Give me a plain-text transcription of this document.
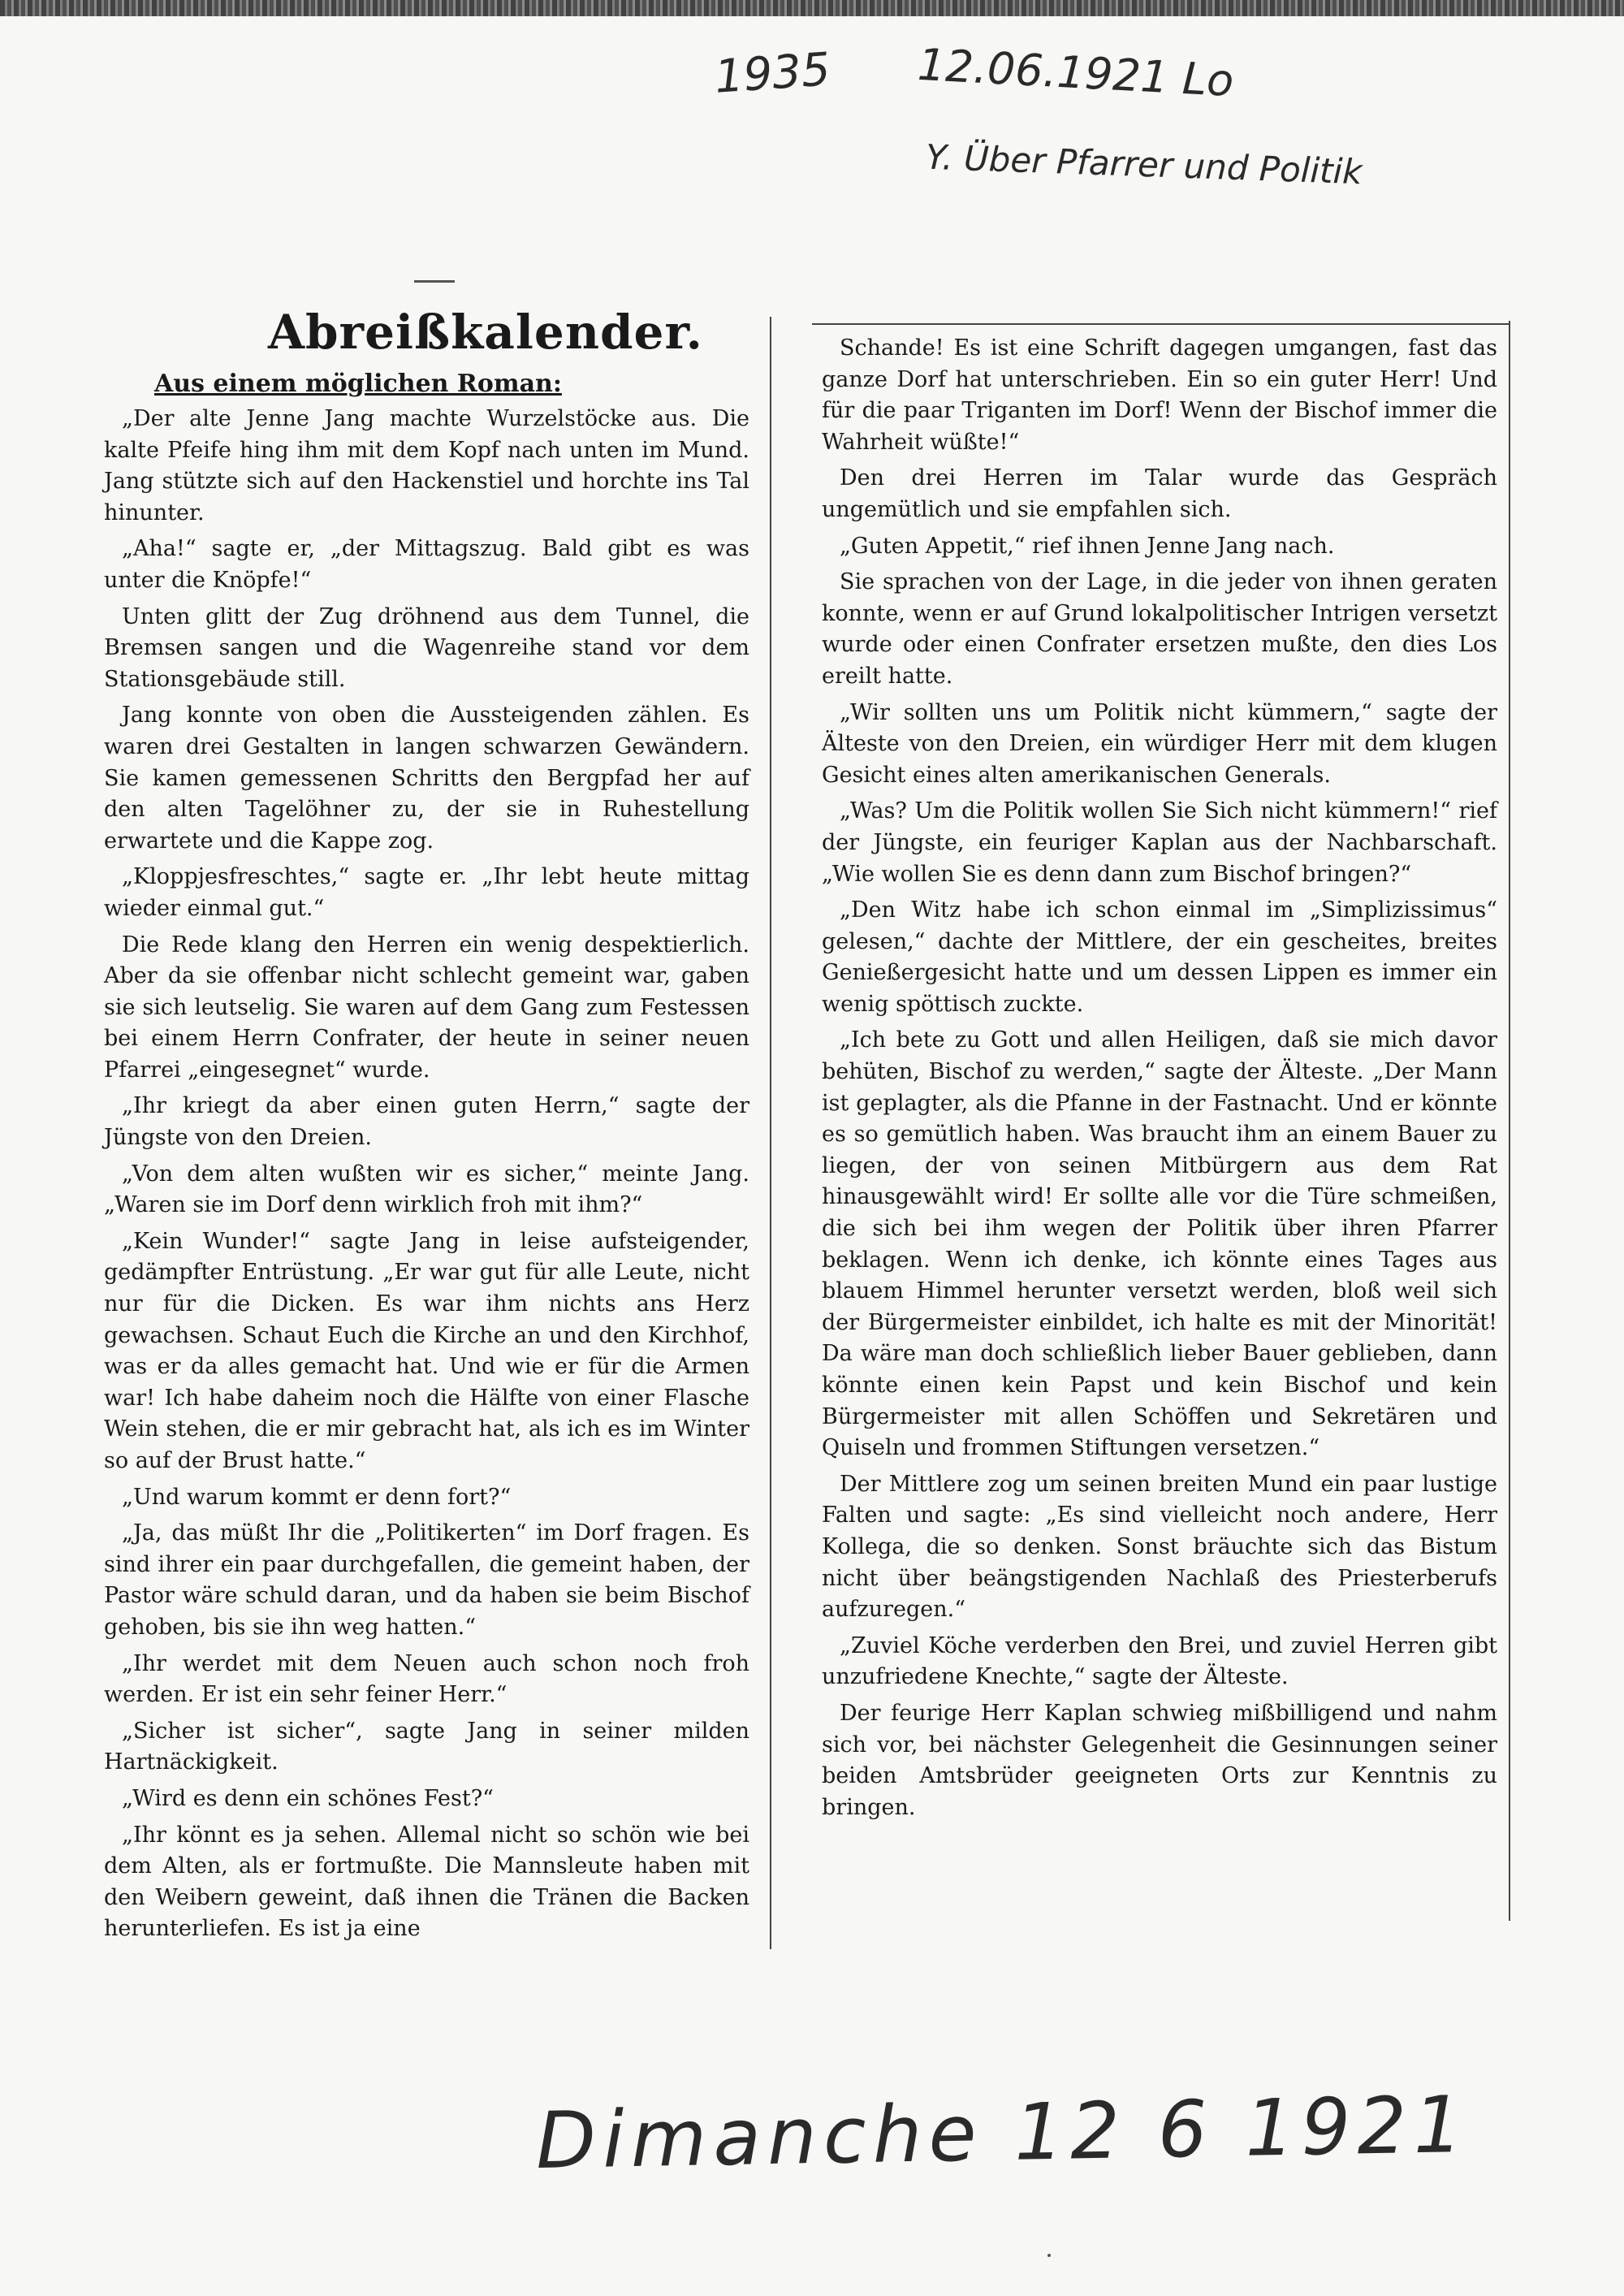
1935 12.06.1921 Lo
Y. Über Pfarrer und Politik
Abreißkalender.
Aus einem möglichen Roman:

„Der alte Jenne Jang machte Wurzelstöcke aus. Die kalte Pfeife hing ihm mit dem Kopf nach unten im Mund. Jang stützte sich auf den Hackenstiel und horchte ins Tal hinunter.

„Aha!“ sagte er, „der Mittagszug. Bald gibt es was unter die Knöpfe!“

Unten glitt der Zug dröhnend aus dem Tunnel, die Bremsen sangen und die Wagenreihe stand vor dem Stationsgebäude still.

Jang konnte von oben die Aussteigenden zählen. Es waren drei Gestalten in langen schwarzen Gewändern. Sie kamen gemessenen Schritts den Bergpfad her auf den alten Tagelöhner zu, der sie in Ruhestellung erwartete und die Kappe zog.

„Kloppjesfreschtes,“ sagte er. „Ihr lebt heute mittag wieder einmal gut.“

Die Rede klang den Herren ein wenig despektierlich. Aber da sie offenbar nicht schlecht gemeint war, gaben sie sich leutselig. Sie waren auf dem Gang zum Festessen bei einem Herrn Confrater, der heute in seiner neuen Pfarrei „eingesegnet“ wurde.

„Ihr kriegt da aber einen guten Herrn,“ sagte der Jüngste von den Dreien.

„Von dem alten wußten wir es sicher,“ meinte Jang. „Waren sie im Dorf denn wirklich froh mit ihm?“

„Kein Wunder!“ sagte Jang in leise aufsteigender, gedämpfter Entrüstung. „Er war gut für alle Leute, nicht nur für die Dicken. Es war ihm nichts ans Herz gewachsen. Schaut Euch die Kirche an und den Kirchhof, was er da alles gemacht hat. Und wie er für die Armen war! Ich habe daheim noch die Hälfte von einer Flasche Wein stehen, die er mir gebracht hat, als ich es im Winter so auf der Brust hatte.“

„Und warum kommt er denn fort?“

„Ja, das müßt Ihr die „Politikerten“ im Dorf fragen. Es sind ihrer ein paar durchgefallen, die gemeint haben, der Pastor wäre schuld daran, und da haben sie beim Bischof gehoben, bis sie ihn weg hatten.“

„Ihr werdet mit dem Neuen auch schon noch froh werden. Er ist ein sehr feiner Herr.“

„Sicher ist sicher“, sagte Jang in seiner milden Hartnäckigkeit.

„Wird es denn ein schönes Fest?“

„Ihr könnt es ja sehen. Allemal nicht so schön wie bei dem Alten, als er fortmußte. Die Mannsleute haben mit den Weibern geweint, daß ihnen die Tränen die Backen herunterliefen. Es ist ja eine

Schande! Es ist eine Schrift dagegen umgangen, fast das ganze Dorf hat unterschrieben. Ein so ein guter Herr! Und für die paar Triganten im Dorf! Wenn der Bischof immer die Wahrheit wüßte!“

Den drei Herren im Talar wurde das Gespräch ungemütlich und sie empfahlen sich.

„Guten Appetit,“ rief ihnen Jenne Jang nach.

Sie sprachen von der Lage, in die jeder von ihnen geraten konnte, wenn er auf Grund lokalpolitischer Intrigen versetzt wurde oder einen Confrater ersetzen mußte, den dies Los ereilt hatte.

„Wir sollten uns um Politik nicht kümmern,“ sagte der Älteste von den Dreien, ein würdiger Herr mit dem klugen Gesicht eines alten amerikanischen Generals.

„Was? Um die Politik wollen Sie Sich nicht kümmern!“ rief der Jüngste, ein feuriger Kaplan aus der Nachbarschaft. „Wie wollen Sie es denn dann zum Bischof bringen?“

„Den Witz habe ich schon einmal im „Simplizissimus“ gelesen,“ dachte der Mittlere, der ein gescheites, breites Genießergesicht hatte und um dessen Lippen es immer ein wenig spöttisch zuckte.

„Ich bete zu Gott und allen Heiligen, daß sie mich davor behüten, Bischof zu werden,“ sagte der Älteste. „Der Mann ist geplagter, als die Pfanne in der Fastnacht. Und er könnte es so gemütlich haben. Was braucht ihm an einem Bauer zu liegen, der von seinen Mitbürgern aus dem Rat hinausgewählt wird! Er sollte alle vor die Türe schmeißen, die sich bei ihm wegen der Politik über ihren Pfarrer beklagen. Wenn ich denke, ich könnte eines Tages aus blauem Himmel herunter versetzt werden, bloß weil sich der Bürgermeister einbildet, ich halte es mit der Minorität! Da wäre man doch schließlich lieber Bauer geblieben, dann könnte einen kein Papst und kein Bischof und kein Bürgermeister mit allen Schöffen und Sekretären und Quiseln und frommen Stiftungen versetzen.“

Der Mittlere zog um seinen breiten Mund ein paar lustige Falten und sagte: „Es sind vielleicht noch andere, Herr Kollega, die so denken. Sonst bräuchte sich das Bistum nicht über beängstigenden Nachlaß des Priesterberufs aufzuregen.“

„Zuviel Köche verderben den Brei, und zuviel Herren gibt unzufriedene Knechte,“ sagte der Älteste.

Der feurige Herr Kaplan schwieg mißbilligend und nahm sich vor, bei nächster Gelegenheit die Gesinnungen seiner beiden Amtsbrüder geeigneten Orts zur Kenntnis zu bringen.

Dimanche 12 6 1921
